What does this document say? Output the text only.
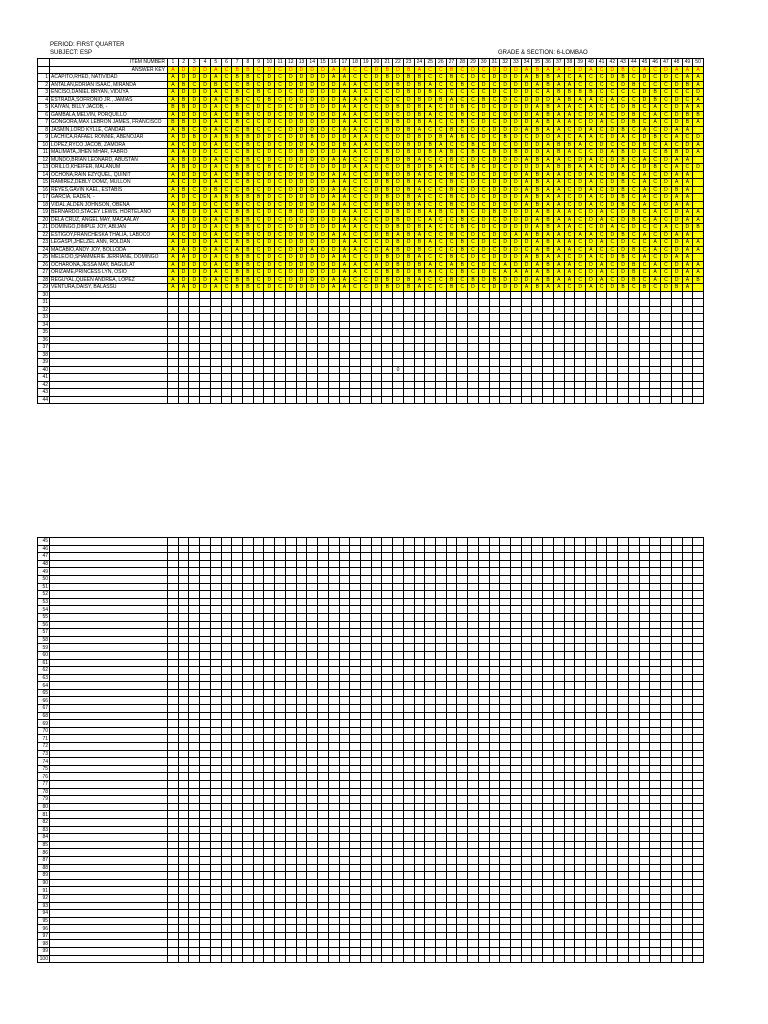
PERIOD: FIRST QUARTER
SUBJECT: ESP	GRADE & SECTION: 6-LOMBAO
	ITEM NUMBER	1	2	3	4	5	6	7	8	9	10	11	12	13	14	15	16	17	18	19	20	21	22	23	24	25	26	27	28	29	30	31	32	33	34	35	36	37	38	39	40	41	42	43	44	45	46	47	48	49	50
	ANSWER KEY	A	D	D	D	A	C	B	B	C	D	C	D	D	D	D	A	A	C	C	D	B	D	B	A	C	C	B	C	D	C	D	D	D	A	B	A	A	C	D	A	C	D	B	C	A	C	D	A	A	A
1	ACAPITO,RHED, NATIVIDAD	A	D	D	D	A	C	B	B	C	D	C	D	D	D	D	A	A	C	C	D	B	D	B	B	C	C	B	C	D	C	D	D	D	A	B	B	A	C	A	C	C	D	B	C	D	C	D	C	A	A
2	ANTALAN,EDRIAN ISAAC, MIRANDA	A	B	C	D	B	C	C	B	C	D	C	D	D	D	D	D	A	A	C	C	D	B	D	B	A	C	C	B	C	D	C	D	D	D	A	B	A	A	C	C	C	C	D	B	C	C	C	D	B	A
3	ENCISO,DANIEL BRYAN, VIDUYA	A	D	D	D	A	C	B	C	B	C	D	C	D	D	D	D	A	A	C	C	C	D	B	D	B	C	C	C	C	C	D	C	D	D	C	A	B	B	B	B	C	C	C	C	D	B	C	C	C	D
4	ESTRADA,SOFRONIO JR., JAMIAS	A	B	D	D	A	C	B	C	C	B	C	D	C	D	D	D	A	A	A	C	C	C	D	B	D	B	A	C	C	B	C	D	C	D	D	D	A	B	A	A	C	A	C	C	D	B	C	D	C	A
5	KAIYAN, BILLY JACOB, -	B	B	D	D	A	C	B	C	D	C	D	C	D	D	D	D	A	A	C	C	D	B	D	B	A	C	D	B	C	D	C	D	D	D	A	B	A	A	C	A	C	C	D	B	C	A	C	D	A	A
6	GAMBALA,MELVIN, PORQUILLO	A	D	D	D	A	C	B	B	C	D	C	D	D	D	D	D	A	A	C	C	D	C	D	B	A	C	C	B	C	D	C	D	D	D	A	B	A	A	C	D	A	C	D	B	C	A	C	D	B	B
7	GONGORA,MAX LEBRON JAMES, FRANCISCO	B	B	D	D	A	C	B	C	C	D	C	D	D	D	D	D	A	A	C	C	D	B	D	B	A	C	C	B	C	D	C	D	D	D	A	B	A	A	C	D	A	C	D	B	C	A	C	D	B	A
8	JASMIN,LORD KYLLE, CANDAR	A	B	C	D	A	C	C	B	C	C	C	D	D	D	D	C	A	A	C	C	B	D	B	A	C	C	B	C	D	C	D	D	D	A	B	A	A	C	D	A	C	D	B	C	A	C	D	A	A	
9	LACHICA,RAFAEL RONNIE, ABENOJAR	A	D	B	D	A	B	B	B	D	D	C	D	D	B	D	D	D	A	A	C	C	D	D	B	D	B	A	B	C	D	C	B	D	C	D	D	A	C	A	A	C	D	A	C	D	B	C	A	C	D
10	LOPEZ,RYCO JACOB, ZAMORA	A	C	D	D	A	C	C	B	C	D	C	D	D	A	D	D	B	A	A	C	C	D	B	D	B	A	C	C	B	C	D	C	D	D	D	A	B	B	A	C	D	C	C	D	B	C	A	C	D	A
11	MALIMATA,JIHEN MHAR, FABRO	A	A	D	D	C	C	C	B	C	D	C	D	B	D	D	D	A	A	C	C	B	D	B	D	B	A	B	C	B	C	B	D	B	D	D	A	B	A	C	C	D	A	B	D	C	C	B	B	D	A
12	MUNDO,BRIAN LEONARD, ABUSTAN	A	B	D	D	A	C	C	B	C	D	C	D	D	D	D	A	A	C	C	D	B	D	B	A	C	C	B	C	D	C	D	D	D	A	B	A	A	C	D	A	C	D	B	C	A	C	D	A	A	
13	ORILLO,KHEIFER, MALANUM	A	B	D	D	A	C	B	B	C	B	C	D	C	D	D	D	D	A	A	C	C	D	B	D	B	A	C	C	B	C	D	C	D	D	D	A	B	B	A	A	C	D	A	C	D	B	C	A	C	D
14	OCHONA,RAIN EZYQUEL, QUINIT	A	D	D	D	A	C	B	B	C	D	C	D	D	D	D	A	A	C	C	D	B	D	B	A	C	C	B	C	D	C	D	D	D	A	B	A	A	C	D	A	C	D	B	C	A	C	D	A	A	
15	RAMIREZ,DEBLY DOMZ, MULLON	A	C	D	D	A	C	C	B	C	D	C	D	D	D	D	A	A	C	C	D	B	D	B	A	C	C	B	C	D	C	D	D	D	A	B	A	A	C	D	A	C	D	B	C	A	C	D	A	A	
16	REYES,GAVIN KAEL, ESTABIS	A	B	C	D	B	C	C	B	C	D	C	D	D	D	D	A	A	C	C	D	B	D	B	A	C	C	B	C	D	C	D	D	D	A	B	A	A	C	D	A	C	D	B	C	A	C	D	B	A	
17	GARCIA, EADEN, -	A	D	C	D	A	B	B	B	B	D	C	D	D	D	D	A	A	C	C	D	B	D	B	A	C	C	B	C	D	C	D	D	D	A	B	A	A	C	D	A	C	D	B	C	A	C	D	A	A	
18	VIDAL,ALDEN JOHNSON, OBENA	A	D	D	D	C	C	B	C	C	D	C	D	D	D	D	A	A	C	C	D	B	D	B	A	C	C	B	C	D	C	D	D	D	A	B	A	A	C	D	A	C	D	B	C	A	C	D	A	A	
19	BERNARDO,STACEY LEWIS, HORTELANO	A	B	D	D	A	C	B	B	C	D	C	B	D	D	D	D	A	A	C	C	D	B	D	B	A	B	C	B	C	D	B	D	D	D	A	B	A	A	C	D	A	C	D	B	C	A	C	D	A	A
20	DELA CRUZ, ANGEL MAY, MACAALAY	A	D	D	D	A	C	B	B	C	D	C	D	C	D	D	D	A	A	C	C	D	B	D	C	A	C	C	B	C	D	C	D	D	D	A	B	A	A	C	D	A	C	D	B	C	A	C	D	A	A
21	DOMINGO,DIMPLE JOY, ABIJAN	A	D	D	D	A	C	B	B	C	D	C	D	D	D	D	D	A	A	C	C	D	B	D	B	A	C	C	B	C	D	C	D	D	D	A	B	A	A	C	C	D	A	C	D	C	C	A	C	D	B
22	ESTIGOY,FRANCHESKA THALIA, LABOCO	A	C	D	D	A	C	C	B	C	D	C	D	D	D	D	A	A	C	C	D	B	A	B	A	C	C	B	C	D	C	D	D	A	A	B	A	A	C	A	A	C	D	B	C	A	C	D	A	A	
23	LEGASPI,JHELZEL ANN, ROLDAN	A	D	D	D	A	C	B	B	C	D	C	D	D	D	D	D	A	A	C	C	D	B	D	B	A	C	C	B	C	D	C	D	D	D	A	B	A	A	C	D	A	C	D	C	C	A	C	D	A	A
24	MACABIO,ANDY JOY, BOLLODA	A	A	D	D	A	C	A	B	C	D	C	D	D	A	D	D	A	A	C	C	A	B	D	B	C	C	C	B	C	D	C	D	D	C	A	B	A	A	C	A	C	C	D	B	C	A	C	D	A	A
25	MELECIO,SHAMMERIE JERRIANE, DOMINGO	A	A	D	D	A	C	B	B	C	D	C	D	D	D	D	A	A	C	C	D	B	D	B	A	C	C	B	C	D	C	D	D	D	A	B	A	A	C	D	A	C	D	B	C	A	C	D	A	A	
26	OCHARONA,JESSA MAY, BAGUILAT	A	D	D	D	A	C	B	B	C	D	C	D	D	D	D	D	A	A	C	A	D	B	D	B	A	C	A	B	C	D	C	A	D	D	A	B	A	A	C	D	A	C	D	B	C	A	C	D	A	A
27	ORIZAME,PRINCESS LYN, OSIO	A	D	D	D	A	C	B	B	C	D	C	D	D	D	D	D	A	A	C	C	B	B	D	B	A	C	C	B	C	D	C	A	A	A	A	B	A	A	C	D	A	C	D	B	C	A	C	D	A	A
28	REGUYAL,QUEEN ANDREA, LOPEZ	A	D	D	D	A	C	B	B	C	D	C	D	D	D	D	A	A	C	C	D	B	D	B	A	C	C	B	C	B	D	B	D	D	D	A	B	A	A	C	D	A	C	D	B	C	A	C	D	A	B
29	VENTURA,DAISY, BALASSU	A	A	D	D	A	C	B	B	C	D	C	D	D	D	D	A	A	C	C	D	B	D	B	A	C	C	B	C	D	C	D	D	D	A	B	A	A	C	D	A	C	D	B	C	B	C	D	B	A	
30																																																			
31																																																			
32																																																			
33																																																			
34																																																			
35																																																			
36																																																			
37																																																			
38																																																			
39																																																			
40																							0																												
41																																																			
42																																																			
43																																																			
44																																																			
45																																																			
46																																																			
47																																																			
48																																																			
49																																																			
50																																																			
51																																																			
52																																																			
53																																																			
54																																																			
55																																																			
56																																																			
57																																																			
58																																																			
59																																																			
60																																																			
61																																																			
62																																																			
63																																																			
64																																																			
65																																																			
66																																																			
67																																																			
68																																																			
69																																																			
70																																																			
71																																																			
72																																																			
73																																																			
74																																																			
75																																																			
76																																																			
77																																																			
78																																																			
79																																																			
80																																																			
81																																																			
82																																																			
83																																																			
84																																																			
85																																																			
86																																																			
87																																																			
88																																																			
89																																																			
90																																																			
91																																																			
92																																																			
93																																																			
94																																																			
95																																																			
96																																																			
97																																																			
98																																																			
99																																																			
100																																																			
